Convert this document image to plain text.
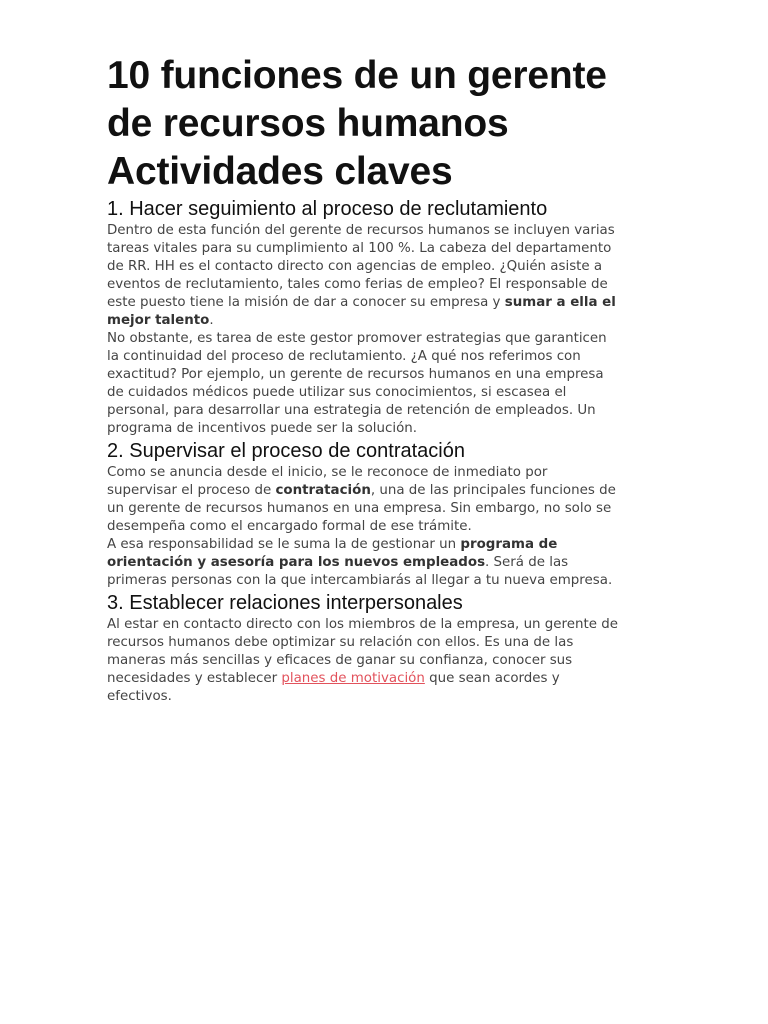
10 funciones de un gerente
de recursos humanos
Actividades claves
1. Hacer seguimiento al proceso de reclutamiento

Dentro de esta función del gerente de recursos humanos se incluyen varias
tareas vitales para su cumplimiento al 100 %. La cabeza del departamento
de RR. HH es el contacto directo con agencias de empleo. ¿Quién asiste a
eventos de reclutamiento, tales como ferias de empleo? El responsable de
este puesto tiene la misión de dar a conocer su empresa y sumar a ella el
mejor talento.

No obstante, es tarea de este gestor promover estrategias que garanticen
la continuidad del proceso de reclutamiento. ¿A qué nos referimos con
exactitud? Por ejemplo, un gerente de recursos humanos en una empresa
de cuidados médicos puede utilizar sus conocimientos, si escasea el
personal, para desarrollar una estrategia de retención de empleados. Un
programa de incentivos puede ser la solución.

2. Supervisar el proceso de contratación

Como se anuncia desde el inicio, se le reconoce de inmediato por
supervisar el proceso de contratación, una de las principales funciones de
un gerente de recursos humanos en una empresa. Sin embargo, no solo se
desempeña como el encargado formal de ese trámite.

A esa responsabilidad se le suma la de gestionar un programa de
orientación y asesoría para los nuevos empleados. Será de las
primeras personas con la que intercambiarás al llegar a tu nueva empresa.

3. Establecer relaciones interpersonales

Al estar en contacto directo con los miembros de la empresa, un gerente de
recursos humanos debe optimizar su relación con ellos. Es una de las
maneras más sencillas y eficaces de ganar su confianza, conocer sus
necesidades y establecer planes de motivación que sean acordes y
efectivos.
